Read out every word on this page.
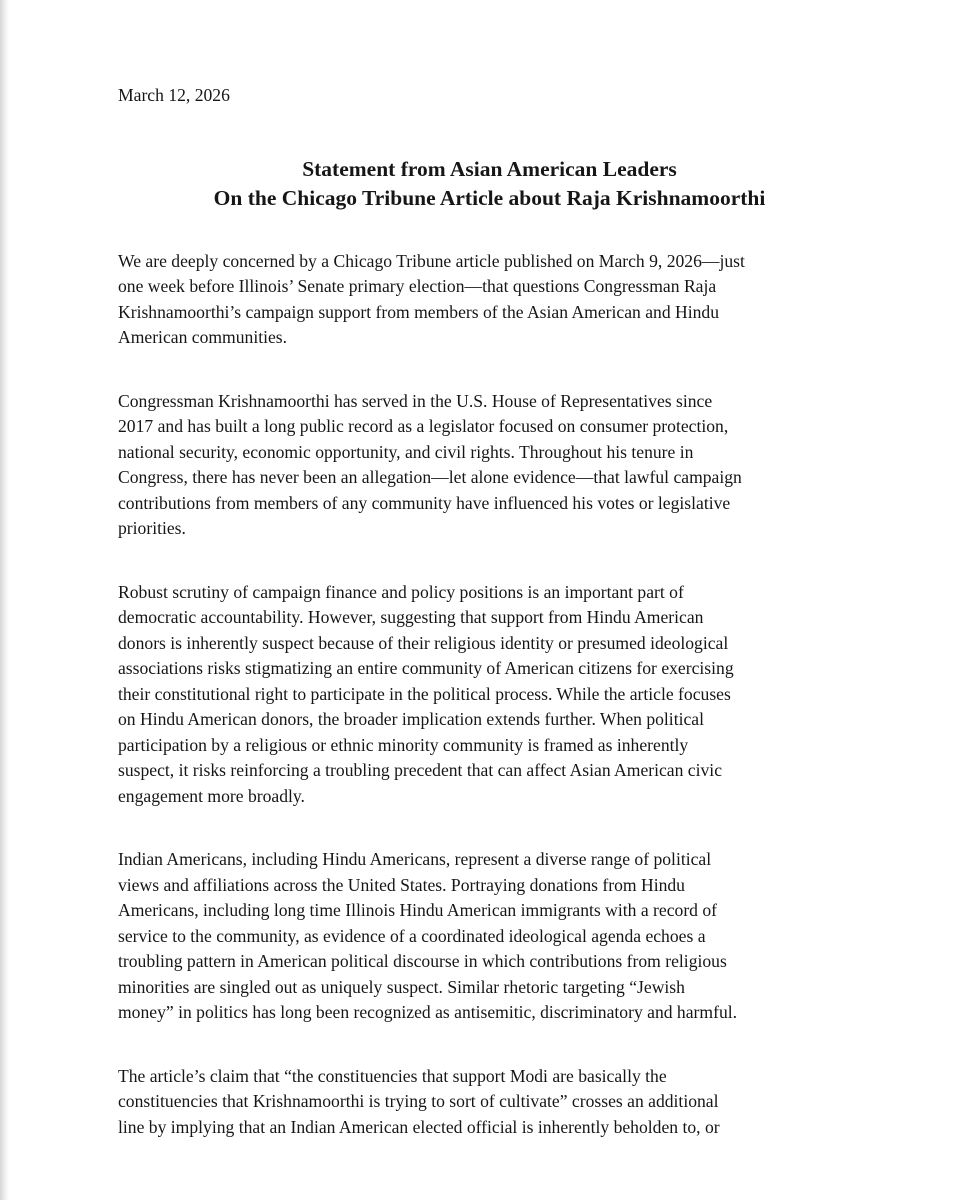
March 12, 2026
Statement from Asian American Leaders
On the Chicago Tribune Article about Raja Krishnamoorthi
We are deeply concerned by a Chicago Tribune article published on March 9, 2026—just
one week before Illinois’ Senate primary election—that questions Congressman Raja
Krishnamoorthi’s campaign support from members of the Asian American and Hindu
American communities.
Congressman Krishnamoorthi has served in the U.S. House of Representatives since
2017 and has built a long public record as a legislator focused on consumer protection,
national security, economic opportunity, and civil rights. Throughout his tenure in
Congress, there has never been an allegation—let alone evidence—that lawful campaign
contributions from members of any community have influenced his votes or legislative
priorities.
Robust scrutiny of campaign finance and policy positions is an important part of
democratic accountability. However, suggesting that support from Hindu American
donors is inherently suspect because of their religious identity or presumed ideological
associations risks stigmatizing an entire community of American citizens for exercising
their constitutional right to participate in the political process. While the article focuses
on Hindu American donors, the broader implication extends further. When political
participation by a religious or ethnic minority community is framed as inherently
suspect, it risks reinforcing a troubling precedent that can affect Asian American civic
engagement more broadly.
Indian Americans, including Hindu Americans, represent a diverse range of political
views and affiliations across the United States. Portraying donations from Hindu
Americans, including long time Illinois Hindu American immigrants with a record of
service to the community, as evidence of a coordinated ideological agenda echoes a
troubling pattern in American political discourse in which contributions from religious
minorities are singled out as uniquely suspect. Similar rhetoric targeting “Jewish
money” in politics has long been recognized as antisemitic, discriminatory and harmful.
The article’s claim that “the constituencies that support Modi are basically the
constituencies that Krishnamoorthi is trying to sort of cultivate” crosses an additional
line by implying that an Indian American elected official is inherently beholden to, or
